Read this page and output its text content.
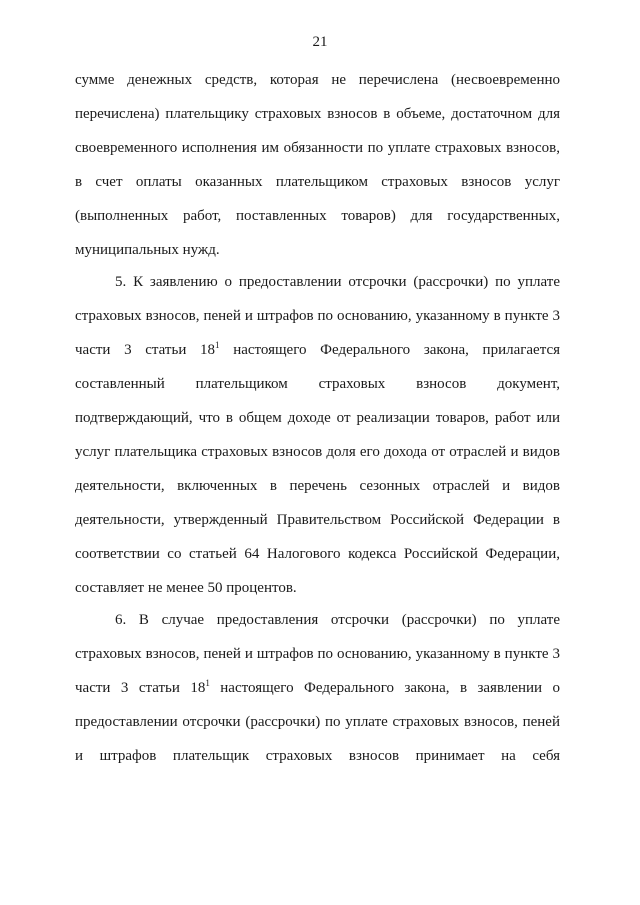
21
сумме денежных средств, которая не перечислена (несвоевременно
перечислена) плательщику страховых взносов в объеме, достаточном для
своевременного исполнения им обязанности по уплате страховых взносов,
в счет оплаты оказанных плательщиком страховых взносов услуг
(выполненных работ, поставленных товаров) для государственных,
муниципальных нужд.
5. К заявлению о предоставлении отсрочки (рассрочки) по уплате
страховых взносов, пеней и штрафов по основанию, указанному в пункте 3
части 3 статьи $18^1$ настоящего Федерального закона, прилагается
составленный плательщиком страховых взносов документ,
подтверждающий, что в общем доходе от реализации товаров, работ или
услуг плательщика страховых взносов доля его дохода от отраслей и видов
деятельности, включенных в перечень сезонных отраслей и видов
деятельности, утвержденный Правительством Российской Федерации в
соответствии со статьей 64 Налогового кодекса Российской Федерации,
составляет не менее 50 процентов.
6. В случае предоставления отсрочки (рассрочки) по уплате
страховых взносов, пеней и штрафов по основанию, указанному в пункте 3
части 3 статьи $18^1$ настоящего Федерального закона, в заявлении о
предоставлении отсрочки (рассрочки) по уплате страховых взносов, пеней
и штрафов плательщик страховых взносов принимает на себя
